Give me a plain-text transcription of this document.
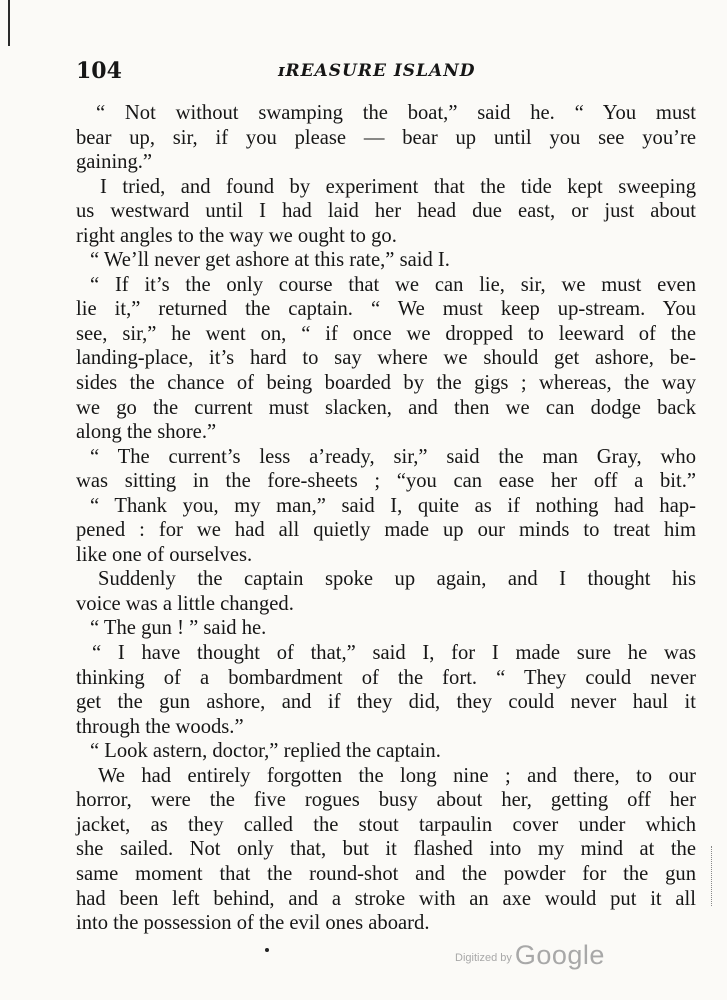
104	ɪREASURE ISLAND
“ Not without swamping the boat,” said he. “ You must
bear up, sir, if you please — bear up until you see you’re
gaining.”
I tried, and found by experiment that the tide kept sweeping
us westward until I had laid her head due east, or just about
right angles to the way we ought to go.
“ We’ll never get ashore at this rate,” said I.
“ If it’s the only course that we can lie, sir, we must even
lie it,” returned the captain. “ We must keep up-stream. You
see, sir,” he went on, “ if once we dropped to leeward of the
landing-place, it’s hard to say where we should get ashore, be-
sides the chance of being boarded by the gigs ; whereas, the way
we go the current must slacken, and then we can dodge back
along the shore.”
“ The current’s less a’ready, sir,” said the man Gray, who
was sitting in the fore-sheets ; “you can ease her off a bit.”
“ Thank you, my man,” said I, quite as if nothing had hap-
pened : for we had all quietly made up our minds to treat him
like one of ourselves.
Suddenly the captain spoke up again, and I thought his
voice was a little changed.
“ The gun ! ” said he.
“ I have thought of that,” said I, for I made sure he was
thinking of a bombardment of the fort. “ They could never
get the gun ashore, and if they did, they could never haul it
through the woods.”
“ Look astern, doctor,” replied the captain.
We had entirely forgotten the long nine ; and there, to our
horror, were the five rogues busy about her, getting off her
jacket, as they called the stout tarpaulin cover under which
she sailed. Not only that, but it flashed into my mind at the
same moment that the round-shot and the powder for the gun
had been left behind, and a stroke with an axe would put it all
into the possession of the evil ones aboard.
Digitized by Google
